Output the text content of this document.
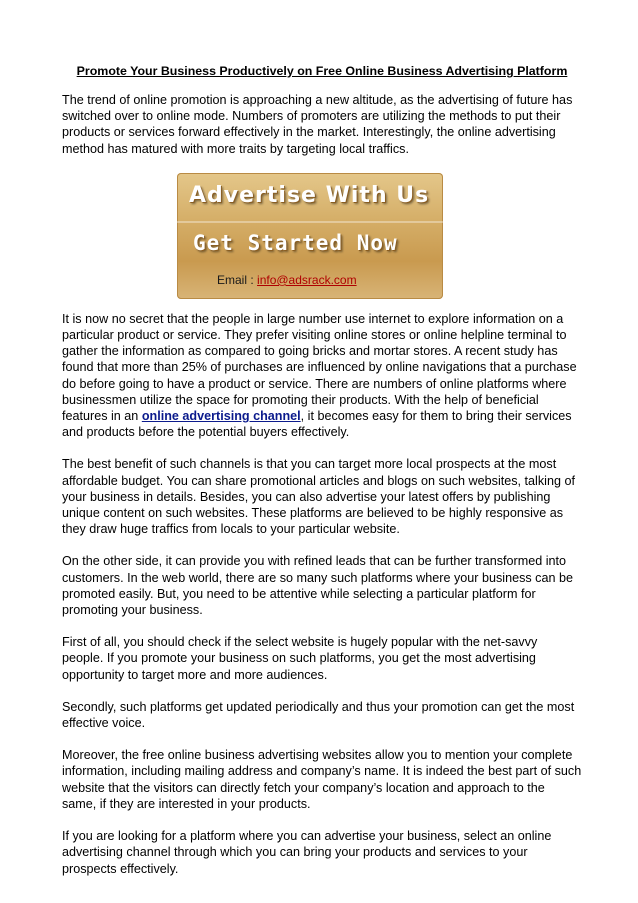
Promote Your Business Productively on Free Online Business Advertising Platform

The trend of online promotion is approaching a new altitude, as the advertising of future has switched over to online mode. Numbers of promoters are utilizing the methods to put their products or services forward effectively in the market. Interestingly, the online advertising method has matured with more traits by targeting local traffics.

Advertise With Us
Get Started Now
Email : info@adsrack.com

It is now no secret that the people in large number use internet to explore information on a particular product or service. They prefer visiting online stores or online helpline terminal to gather the information as compared to going bricks and mortar stores. A recent study has found that more than 25% of purchases are influenced by online navigations that a purchase do before going to have a product or service. There are numbers of online platforms where businessmen utilize the space for promoting their products. With the help of beneficial features in an online advertising channel, it becomes easy for them to bring their services and products before the potential buyers effectively.

The best benefit of such channels is that you can target more local prospects at the most affordable budget. You can share promotional articles and blogs on such websites, talking of your business in details. Besides, you can also advertise your latest offers by publishing unique content on such websites. These platforms are believed to be highly responsive as they draw huge traffics from locals to your particular website.

On the other side, it can provide you with refined leads that can be further transformed into customers. In the web world, there are so many such platforms where your business can be promoted easily. But, you need to be attentive while selecting a particular platform for promoting your business.

First of all, you should check if the select website is hugely popular with the net-savvy people. If you promote your business on such platforms, you get the most advertising opportunity to target more and more audiences.

Secondly, such platforms get updated periodically and thus your promotion can get the most effective voice.

Moreover, the free online business advertising websites allow you to mention your complete information, including mailing address and company’s name. It is indeed the best part of such website that the visitors can directly fetch your company’s location and approach to the same, if they are interested in your products.

If you are looking for a platform where you can advertise your business, select an online advertising channel through which you can bring your products and services to your prospects effectively.
